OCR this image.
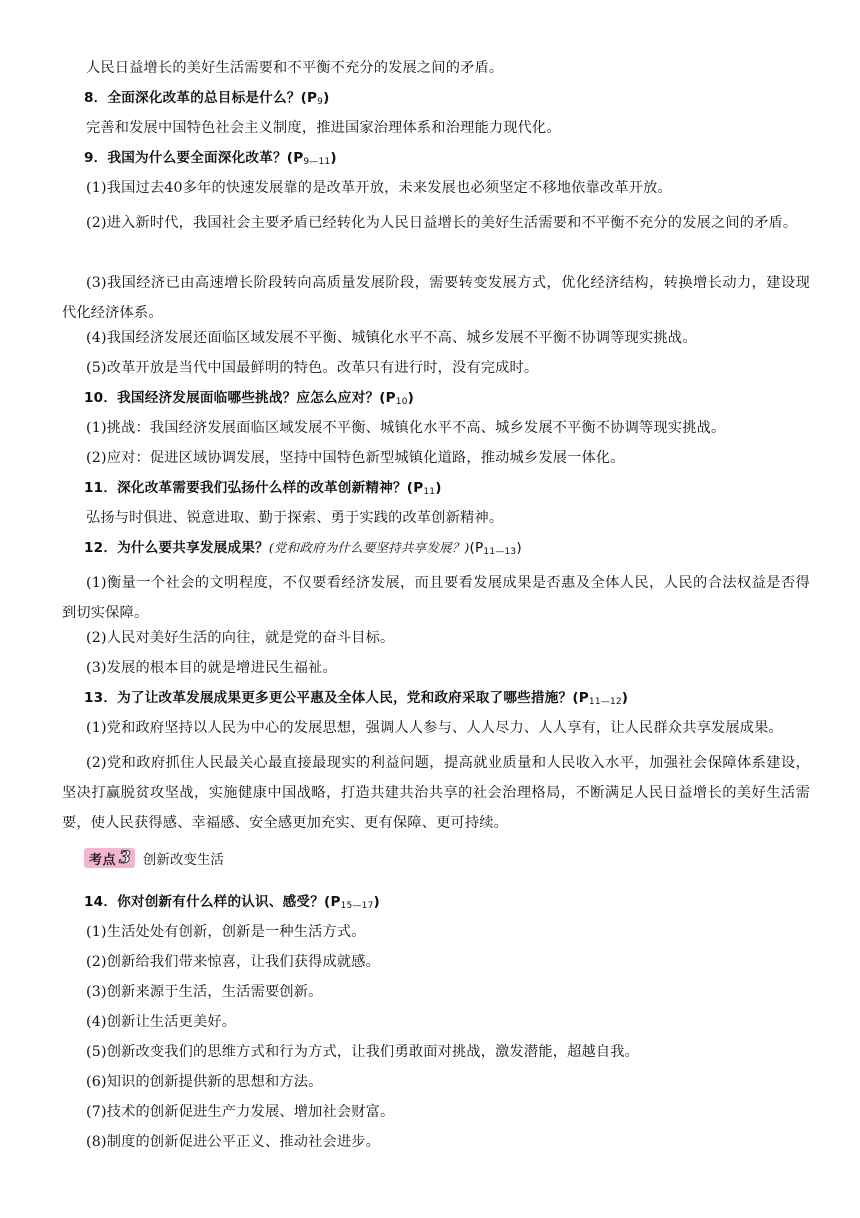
人民日益增长的美好生活需要和不平衡不充分的发展之间的矛盾。
8．全面深化改革的总目标是什么？$(P_9)$
完善和发展中国特色社会主义制度，推进国家治理体系和治理能力现代化。
9．我国为什么要全面深化改革？$(P_{9—11})$
(1)我国过去40多年的快速发展靠的是改革开放，未来发展也必须坚定不移地依靠改革开放。
(2)进入新时代，我国社会主要矛盾已经转化为人民日益增长的美好生活需要和不平衡不充分的发展之间的矛盾。
(3)我国经济已由高速增长阶段转向高质量发展阶段，需要转变发展方式，优化经济结构，转换增长动力，建设现代化经济体系。
(4)我国经济发展还面临区域发展不平衡、城镇化水平不高、城乡发展不平衡不协调等现实挑战。
(5)改革开放是当代中国最鲜明的特色。改革只有进行时，没有完成时。
10．我国经济发展面临哪些挑战？应怎么应对？$(P_{10})$
(1)挑战：我国经济发展面临区域发展不平衡、城镇化水平不高、城乡发展不平衡不协调等现实挑战。
(2)应对：促进区域协调发展，坚持中国特色新型城镇化道路，推动城乡发展一体化。
11．深化改革需要我们弘扬什么样的改革创新精神？$(P_{11})$
弘扬与时俱进、锐意进取、勤于探索、勇于实践的改革创新精神。
12．为什么要共享发展成果？(党和政府为什么要坚持共享发展？)$(P_{11—13})$
(1)衡量一个社会的文明程度，不仅要看经济发展，而且要看发展成果是否惠及全体人民，人民的合法权益是否得到切实保障。
(2)人民对美好生活的向往，就是党的奋斗目标。
(3)发展的根本目的就是增进民生福祉。
13．为了让改革发展成果更多更公平惠及全体人民，党和政府采取了哪些措施？$(P_{11—12})$
(1)党和政府坚持以人民为中心的发展思想，强调人人参与、人人尽力、人人享有，让人民群众共享发展成果。
(2)党和政府抓住人民最关心最直接最现实的利益问题，提高就业质量和人民收入水平，加强社会保障体系建设，坚决打赢脱贫攻坚战，实施健康中国战略，打造共建共治共享的社会治理格局，不断满足人民日益增长的美好生活需要，使人民获得感、幸福感、安全感更加充实、更有保障、更可持续。
考点 3 创新改变生活
14．你对创新有什么样的认识、感受？$(P_{15—17})$
(1)生活处处有创新，创新是一种生活方式。
(2)创新给我们带来惊喜，让我们获得成就感。
(3)创新来源于生活，生活需要创新。
(4)创新让生活更美好。
(5)创新改变我们的思维方式和行为方式，让我们勇敢面对挑战，激发潜能，超越自我。
(6)知识的创新提供新的思想和方法。
(7)技术的创新促进生产力发展、增加社会财富。
(8)制度的创新促进公平正义、推动社会进步。
